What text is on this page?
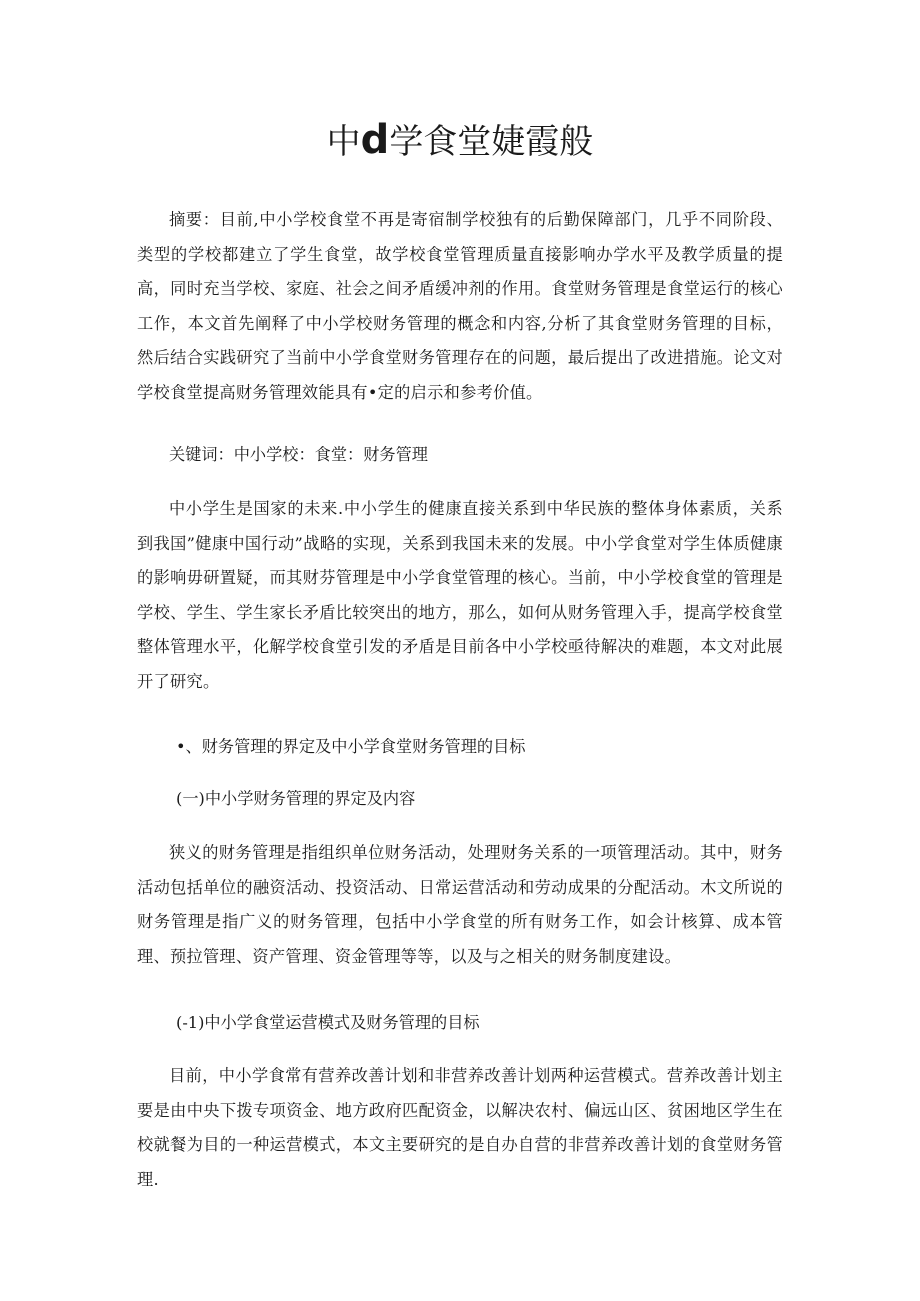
中d学食堂婕霞般

摘要：目前,中小学校食堂不再是寄宿制学校独有的后勤保障部门，几乎不同阶段、类型的学校都建立了学生食堂，故学校食堂管理质量直接影响办学水平及教学质量的提高，同时充当学校、家庭、社会之间矛盾缓冲剂的作用。食堂财务管理是食堂运行的核心工作，本文首先阐释了中小学校财务管理的概念和内容,分析了其食堂财务管理的目标，然后结合实践研究了当前中小学食堂财务管理存在的问题，最后提出了改进措施。论文对学校食堂提高财务管理效能具有•定的启示和参考价值。

关键词：中小学校：食堂：财务管理

中小学生是国家的未来.中小学生的健康直接关系到中华民族的整体身体素质，关系到我国”健康中国行动”战略的实现，关系到我国未来的发展。中小学食堂对学生体质健康的影响毋研置疑，而其财芬管理是中小学食堂管理的核心。当前，中小学校食堂的管理是学校、学生、学生家长矛盾比较突出的地方，那么，如何从财务管理入手，提高学校食堂整体管理水平，化解学校食堂引发的矛盾是目前各中小学校亟待解决的难题，本文对此展开了研究。

•、财务管理的界定及中小学食堂财务管理的目标

(一)中小学财务管理的界定及内容

狭义的财务管理是指组织单位财务活动，处理财务关系的一项管理活动。其中，财务活动包括单位的融资活动、投资活动、日常运营活动和劳动成果的分配活动。木文所说的财务管理是指广义的财务管理，包括中小学食堂的所有财务工作，如会计核算、成本管理、预拉管理、资产管理、资金管理等等，以及与之相关的财务制度建设。

(-1)中小学食堂运营模式及财务管理的目标

目前，中小学食常有营养改善计划和非营养改善计划两种运营模式。营养改善计划主要是由中央下拨专项资金、地方政府匹配资金，以解决农村、偏远山区、贫困地区学生在校就餐为目的一种运营模式，本文主要研究的是自办自营的非营养改善计划的食堂财务管理.
